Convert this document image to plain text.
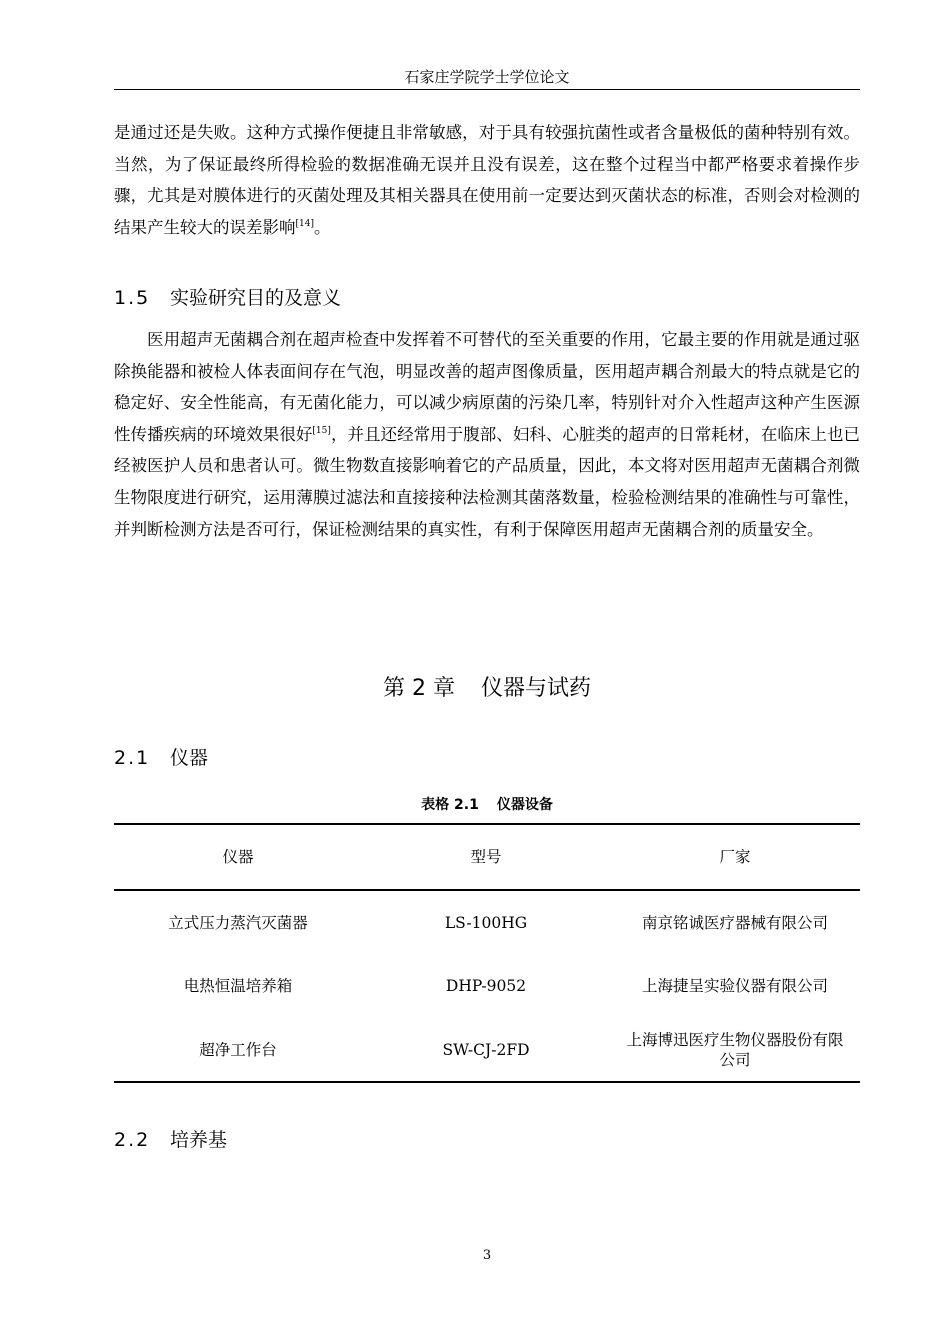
石家庄学院学士学位论文

是通过还是失败。这种方式操作便捷且非常敏感，对于具有较强抗菌性或者含量极低的菌种特别有效。当然，为了保证最终所得检验的数据准确无误并且没有误差，这在整个过程当中都严格要求着操作步骤，尤其是对膜体进行的灭菌处理及其相关器具在使用前一定要达到灭菌状态的标准，否则会对检测的结果产生较大的误差影响[14]。

1.5 实验研究目的及意义

医用超声无菌耦合剂在超声检查中发挥着不可替代的至关重要的作用，它最主要的作用就是通过驱除换能器和被检人体表面间存在气泡，明显改善的超声图像质量，医用超声耦合剂最大的特点就是它的稳定好、安全性能高，有无菌化能力，可以减少病原菌的污染几率，特别针对介入性超声这种产生医源性传播疾病的环境效果很好[15]，并且还经常用于腹部、妇科、心脏类的超声的日常耗材，在临床上也已经被医护人员和患者认可。微生物数直接影响着它的产品质量，因此，本文将对医用超声无菌耦合剂微生物限度进行研究，运用薄膜过滤法和直接接种法检测其菌落数量，检验检测结果的准确性与可靠性，并判断检测方法是否可行，保证检测结果的真实性，有利于保障医用超声无菌耦合剂的质量安全。

第 2 章 仪器与试药
2.1 仪器
表格 2.1 仪器设备
仪器	型号	厂家
立式压力蒸汽灭菌器	LS-100HG	南京铭诚医疗器械有限公司
电热恒温培养箱	DHP-9052	上海捷呈实验仪器有限公司
超净工作台	SW-CJ-2FD	上海博迅医疗生物仪器股份有限公司
2.2 培养基
3
